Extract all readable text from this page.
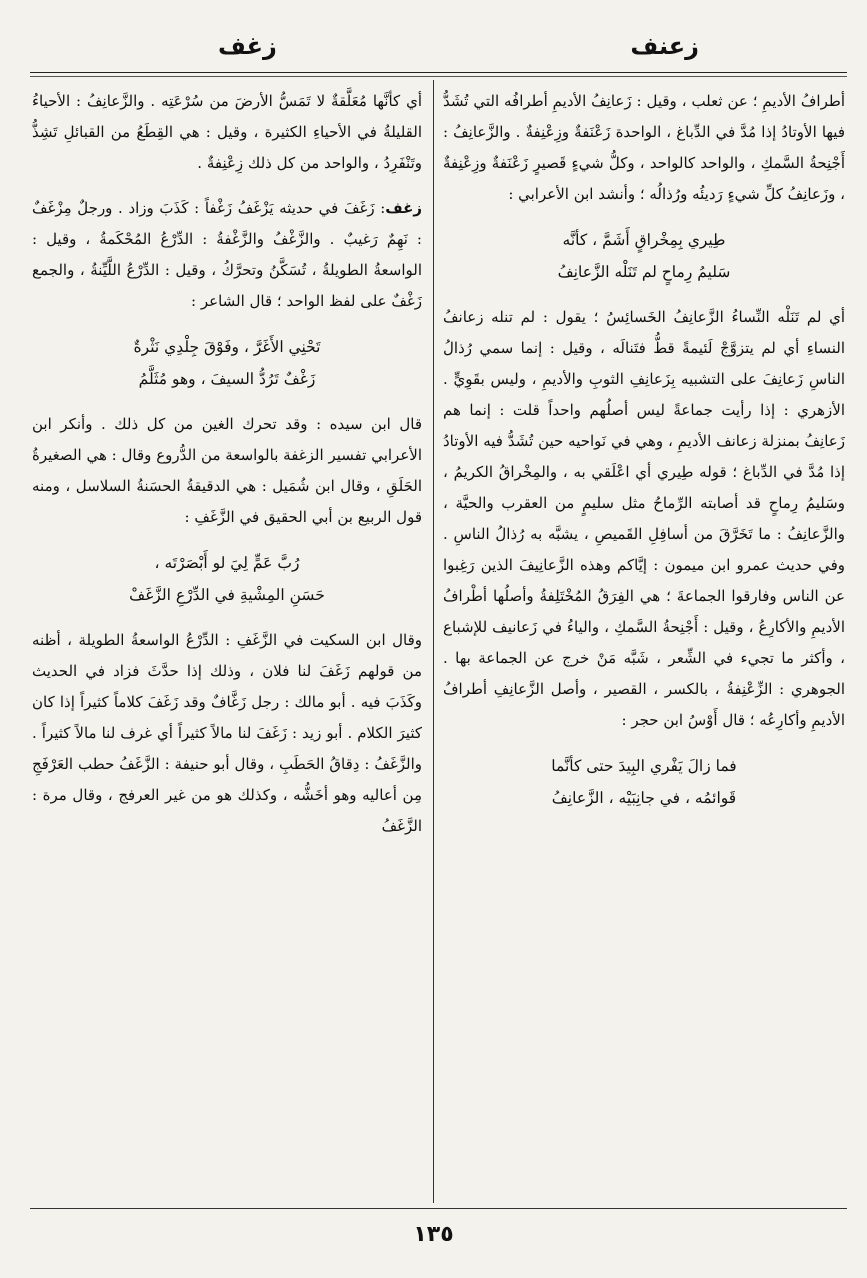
زعنف
زغف

أطرافُ الأديمِ ؛ عن ثعلب ، وقيل : زَعانِفُ الأديمِ أطرافُه التي تُشَدُّ فيها الأوتادُ إذا مُدَّ في الدِّباغ ، الواحدة زَعْنَفةٌ وزِعْنِفةٌ . والزَّعانِفُ : أَجْنِحةُ السَّمكِ ، والواحد كالواحد ، وكلُّ شيءٍ قَصيرٍ زَعْنَفةٌ وزِعْنِفةٌ ، وزَعانِفُ كلِّ شيءٍ رَديئُه ورُذالُه ؛ وأنشد ابن الأعرابي :

طِيري بِمِخْراقٍ أَشَمَّ ، كأنَّه

سَليمُ رِماحٍ لم تَنَلْه الزَّعانِفُ

أي لم تَنَلْه النِّساءُ الزَّعانِفُ الخَسائِسُ ؛ يقول : لم تنله زعانفُ النساءِ أي لم يتزوَّجْ لَئيمةً قطُّ فتَنالَه ، وقيل : إنما سمي رُذالُ الناسِ زَعانِفَ على التشبيه بِزَعانِفِ الثوبِ والأديمِ ، وليس بقَوِيٍّ . الأزهري : إذا رأيت جماعةً ليس أصلُهم واحداً قلت : إنما هم زَعانِفُ بمنزلة زعانف الأديمِ ، وهي في نَواحيه حين تُشَدُّ فيه الأوتادُ إذا مُدَّ في الدِّباغ ؛ قوله طِيري أي اعْلَقي به ، والمِخْراقُ الكريمُ ، وسَليمُ رِماحٍ قد أصابته الرِّماحُ مثل سليمٍ من العقرب والحيَّة ، والزَّعانِفُ : ما تَخَرَّقَ من أسافِلِ القَميصِ ، يشبَّه به رُذالُ الناسِ . وفي حديث عمرو ابن ميمون : إيَّاكم وهذه الزَّعانِيفَ الذين رَغِبوا عن الناس وفارقوا الجماعةَ ؛ هي الفِرَقُ المُخْتَلِفةُ وأصلُها أطْرافُ الأديمِ والأكارِعُ ، وقيل : أَجْنِحةُ السَّمكِ ، والياءُ في زَعانيف للإشباع ، وأكثر ما تجيء في الشِّعر ، شَبَّه مَنْ خرج عن الجماعة بها . الجوهري : الزِّعْنِفةُ ، بالكسر ، القصير ، وأصل الزَّعانِفِ أطرافُ الأديمِ وأكارِعُه ؛ قال أَوْسُ ابن حجر :

فما زالَ يَفْري البِيدَ حتى كأنَّما

قَوائمُه ، في جانِبَيْه ، الزَّعانِفُ

أي كأنَّها مُعَلَّقةٌ لا تَمَسُّ الأرضَ من سُرْعَتِه . والزَّعانِفُ : الأحياءُ القليلةُ في الأحياءِ الكثيرة ، وقيل : هي القِطَعُ من القبائلِ تَشِذُّ وتَنْفَرِدُ ، والواحد من كل ذلك زِعْنِفةٌ .

زغف: زَغَفَ في حديثه يَزْغَفُ زَغْفاً : كَذَبَ وزاد . ورجلٌ مِزْغَفٌ : نَهِمٌ رَغيبٌ . والزَّغْفُ والزَّغْفةُ : الدِّرْعُ المُحْكَمةُ ، وقيل : الواسعةُ الطويلةُ ، تُسَكَّنُ وتحرَّكُ ، وقيل : الدِّرْعُ اللَّيِّنةُ ، والجمع زَغْفٌ على لفظ الواحد ؛ قال الشاعر :

تَحْنِي الأَغَرَّ ، وفَوْقَ جِلْدِي نَثْرةٌ

زَغْفٌ تَرُدُّ السيفَ ، وهو مُثَلَّمُ

قال ابن سيده : وقد تحرك الغين من كل ذلك . وأنكر ابن الأعرابي تفسير الزغفة بالواسعة من الدُّروع وقال : هي الصغيرةُ الحَلَقِ ، وقال ابن شُمَيل : هي الدقيقةُ الحسَنةُ السلاسل ، ومنه قول الربيع بن أبي الحقيق في الزَّغَفِ :

رُبَّ عَمٍّ لِيَ لو أَبْصَرْتَه ،

حَسَنِ المِشْيةِ في الدِّرْعِ الزَّغَفْ

وقال ابن السكيت في الزَّغَفِ : الدِّرْعُ الواسعةُ الطويلة ، أظنه من قولهم زَغَفَ لنا فلان ، وذلك إذا حدَّثَ فزاد في الحديث وكَذَبَ فيه . أبو مالك : رجل زَغَّافٌ وقد زَغَفَ كلاماً كثيراً إذا كان كثيرَ الكلام . أبو زيد : زَغَفَ لنا مالاً كثيراً أي غرف لنا مالاً كثيراً . والزَّغَفُ : دِقاقُ الحَطَبِ ، وقال أبو حنيفة : الزَّغَفُ حطب العَرْفَجِ مِن أعاليه وهو أخَشُّه ، وكذلك هو من غير العرفج ، وقال مرة : الزَّغَفُ

١٣٥
